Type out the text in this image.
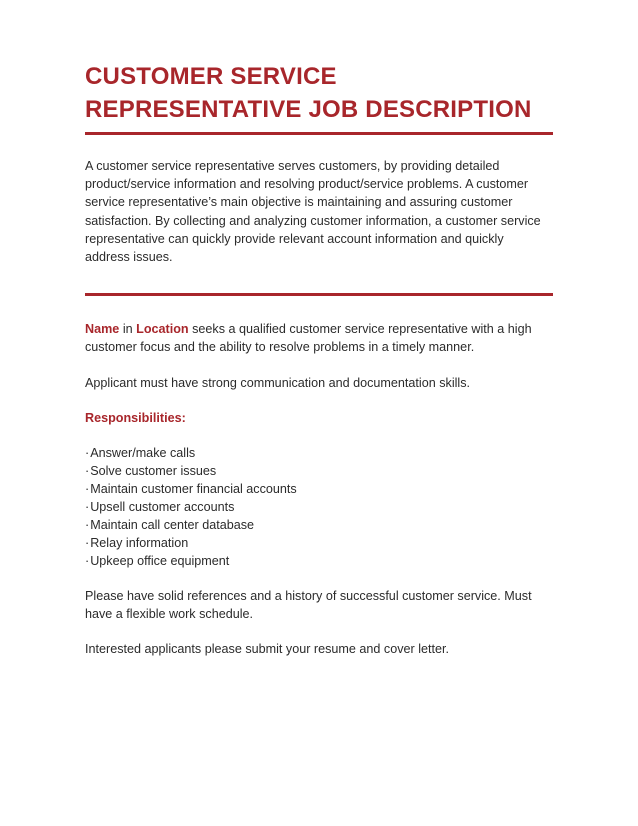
CUSTOMER SERVICE
REPRESENTATIVE JOB DESCRIPTION

A customer service representative serves customers, by providing detailed product/service information and resolving product/service problems. A customer service representative’s main objective is maintaining and assuring customer satisfaction. By collecting and analyzing customer information, a customer service representative can quickly provide relevant account information and quickly address issues.

Name in Location seeks a qualified customer service representative with a high customer focus and the ability to resolve problems in a timely manner.

Applicant must have strong communication and documentation skills.

Responsibilities:

·Answer/make calls
·Solve customer issues
·Maintain customer financial accounts
·Upsell customer accounts
·Maintain call center database
·Relay information
·Upkeep office equipment

Please have solid references and a history of successful customer service. Must have a flexible work schedule.

Interested applicants please submit your resume and cover letter.
